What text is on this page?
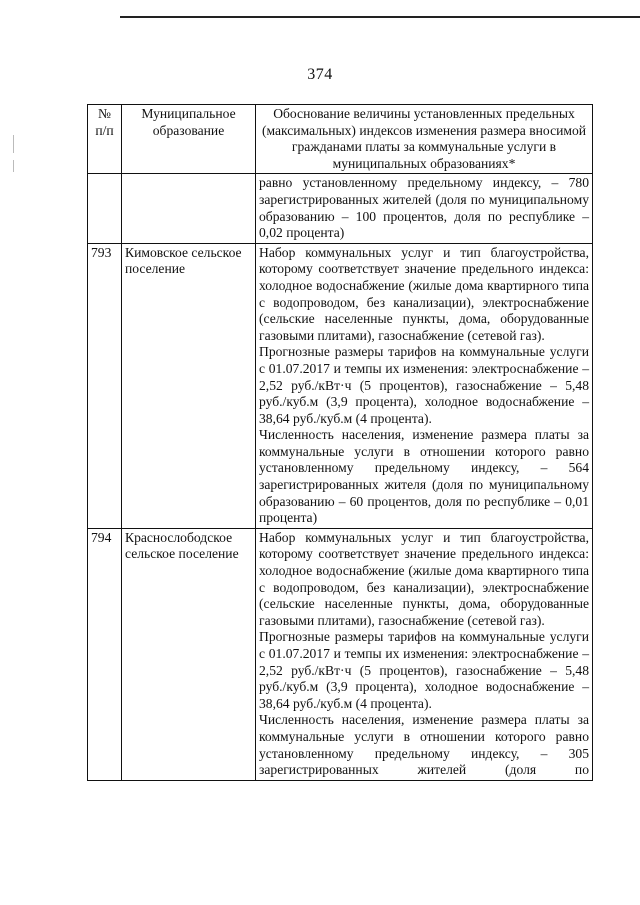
374
№ п/п	Муниципальное образование	Обоснование величины установленных предельных (максимальных) индексов изменения размера вносимой гражданами платы за коммунальные услуги в муниципальных образованиях*

		равно установленному предельному индексу, – 780 зарегистрированных жителей (доля по муниципальному образованию – 100 процентов, доля по республике – 0,02 процента)

793	Кимовское сельское поселение	Набор коммунальных услуг и тип благоустройства, которому соответствует значение предельного индекса: холодное водоснабжение (жилые дома квартирного типа с водопроводом, без канализации), электроснабжение (сельские населенные пункты, дома, оборудованные газовыми плитами), газоснабжение (сетевой газ).

Прогнозные размеры тарифов на коммунальные услуги с 01.07.2017 и темпы их изменения: электроснабжение – 2,52 руб./кВт·ч (5 процентов), газоснабжение – 5,48 руб./куб.м (3,9 процента), холодное водоснабжение – 38,64 руб./куб.м (4 процента).

Численность населения, изменение размера платы за коммунальные услуги в отношении которого равно установленному предельному индексу, – 564 зарегистрированных жителя (доля по муниципальному образованию – 60 процентов, доля по республике – 0,01 процента)

794	Краснослободское сельское поселение	Набор коммунальных услуг и тип благоустройства, которому соответствует значение предельного индекса: холодное водоснабжение (жилые дома квартирного типа с водопроводом, без канализации), электроснабжение (сельские населенные пункты, дома, оборудованные газовыми плитами), газоснабжение (сетевой газ).

Прогнозные размеры тарифов на коммунальные услуги с 01.07.2017 и темпы их изменения: электроснабжение – 2,52 руб./кВт·ч (5 процентов), газоснабжение – 5,48 руб./куб.м (3,9 процента), холодное водоснабжение – 38,64 руб./куб.м (4 процента).

Численность населения, изменение размера платы за коммунальные услуги в отношении которого равно установленному предельному индексу, – 305 зарегистрированных жителей (доля по
